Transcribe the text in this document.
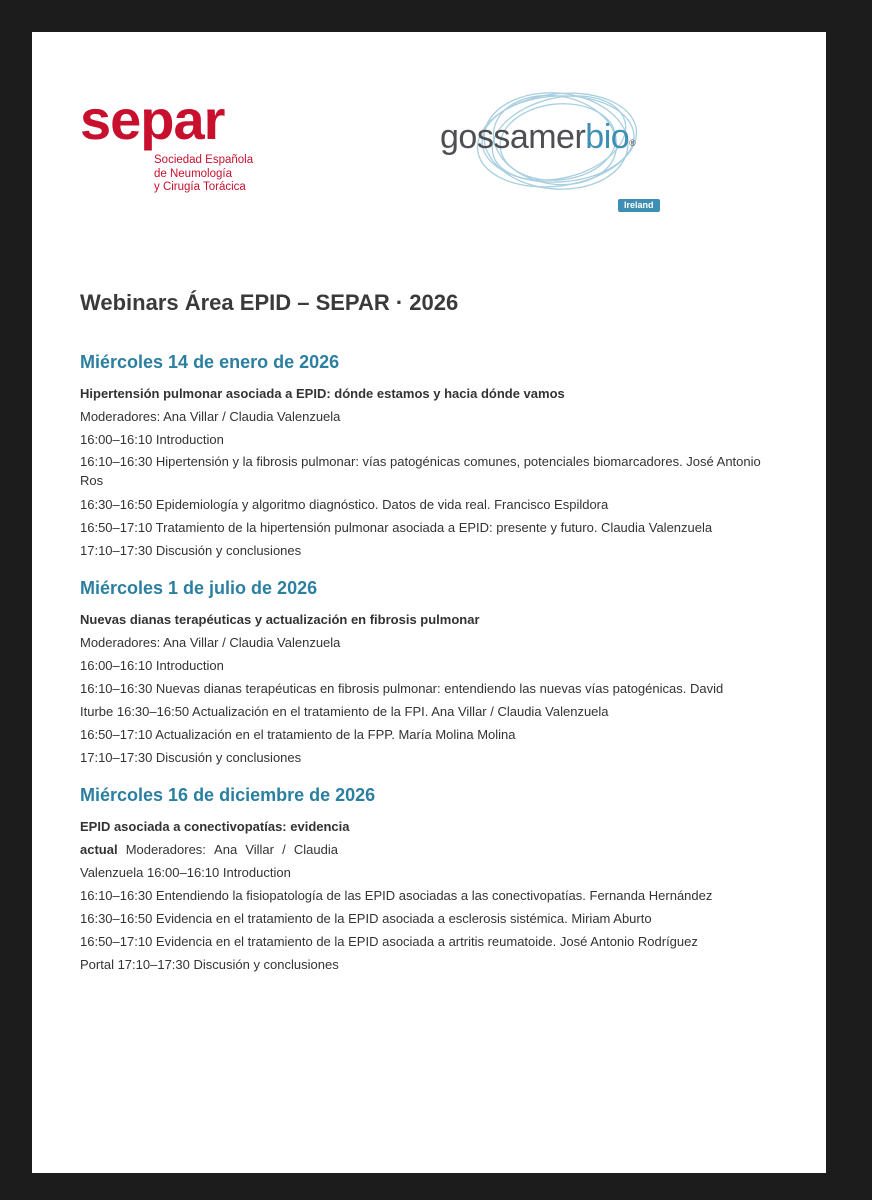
separ
Sociedad Española
de Neumología
y Cirugía Torácica
gossamerbio®
Ireland
Webinars Área EPID – SEPAR · 2026
Miércoles 14 de enero de 2026
Hipertensión pulmonar asociada a EPID: dónde estamos y hacia dónde vamos
Moderadores: Ana Villar / Claudia Valenzuela
16:00–16:10 Introduction
16:10–16:30 Hipertensión y la fibrosis pulmonar: vías patogénicas comunes, potenciales biomarcadores. José Antonio Ros
16:30–16:50 Epidemiología y algoritmo diagnóstico. Datos de vida real. Francisco Espildora
16:50–17:10 Tratamiento de la hipertensión pulmonar asociada a EPID: presente y futuro. Claudia Valenzuela
17:10–17:30 Discusión y conclusiones
Miércoles 1 de julio de 2026
Nuevas dianas terapéuticas y actualización en fibrosis pulmonar
Moderadores: Ana Villar / Claudia Valenzuela
16:00–16:10 Introduction
16:10–16:30 Nuevas dianas terapéuticas en fibrosis pulmonar: entendiendo las nuevas vías patogénicas. David
Iturbe 16:30–16:50 Actualización en el tratamiento de la FPI. Ana Villar / Claudia Valenzuela
16:50–17:10 Actualización en el tratamiento de la FPP. María Molina Molina
17:10–17:30 Discusión y conclusiones
Miércoles 16 de diciembre de 2026
EPID asociada a conectivopatías: evidencia
actual Moderadores: Ana Villar / Claudia
Valenzuela 16:00–16:10 Introduction
16:10–16:30 Entendiendo la fisiopatología de las EPID asociadas a las conectivopatías. Fernanda Hernández
16:30–16:50 Evidencia en el tratamiento de la EPID asociada a esclerosis sistémica. Miriam Aburto
16:50–17:10 Evidencia en el tratamiento de la EPID asociada a artritis reumatoide. José Antonio Rodríguez
Portal 17:10–17:30 Discusión y conclusiones
